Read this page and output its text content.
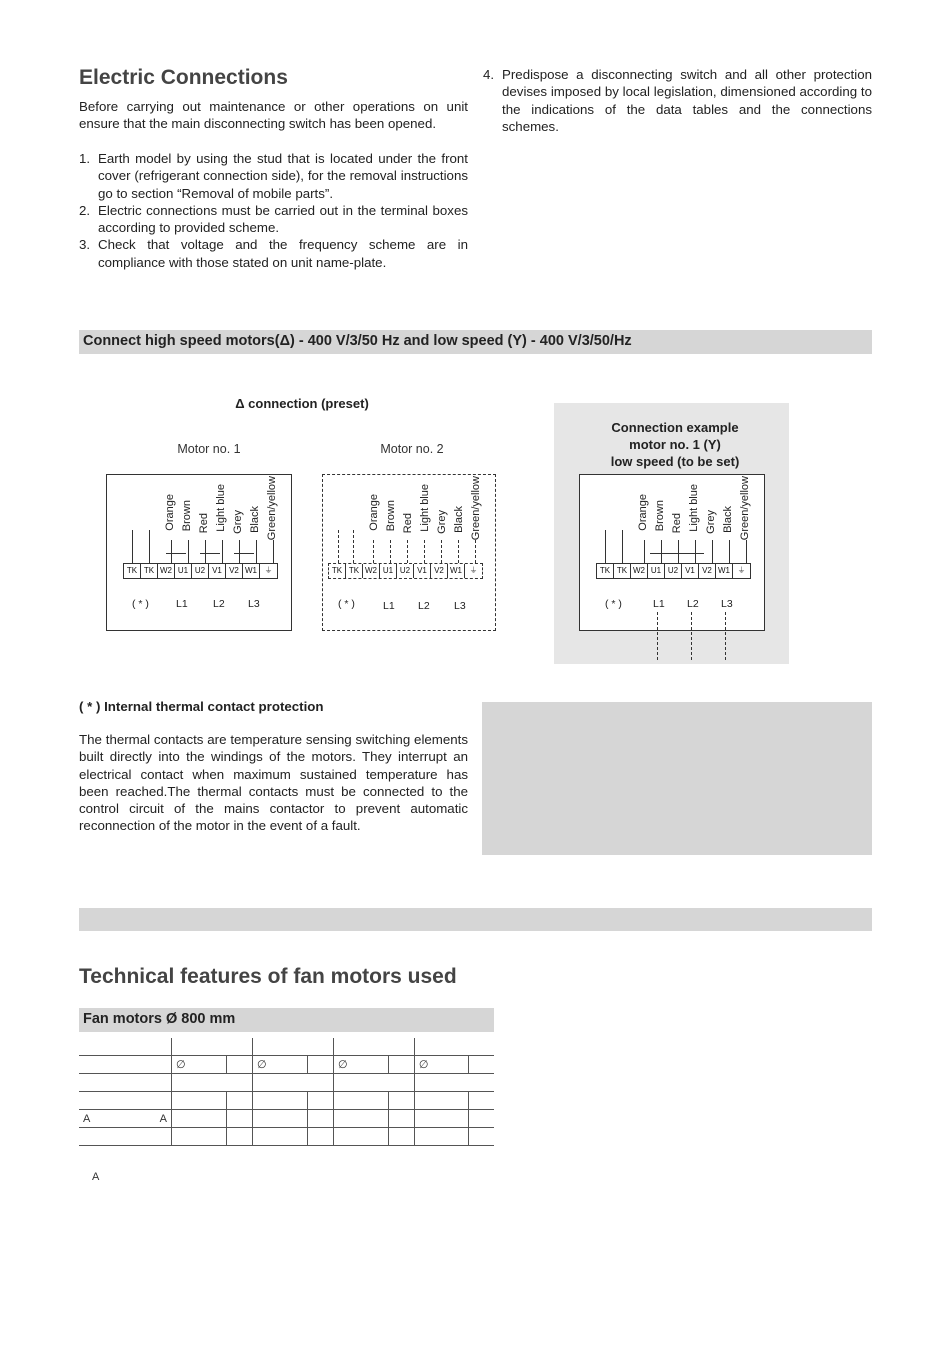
Electric Connections

Before carrying out maintenance or other operations on unit ensure that the main disconnecting switch has been opened.

1. Earth model by using the stud that is located under the front cover (refrigerant connection side), for the removal instructions go to section “Removal of mobile parts”.
2. Electric connections must be carried out in the terminal boxes according to provided scheme.
3. Check that voltage and the frequency scheme are in compliance with those stated on unit name-plate.
4. Predispose a disconnecting switch and all other protection devises imposed by local legislation, dimensioned according to the indications of the data tables and the connections schemes.
Connect high speed motors(Δ) - 400 V/3/50 Hz and low speed (Y) - 400 V/3/50/Hz
Δ connection (preset)
Motor no. 1	Motor no. 2
Connection example
motor no. 1 (Y)
low speed (to be set)
Orange Brown Red Light blue Grey Black Green/yellow
TK TK W2 U1 U2 V1 V2 W1 ⏚
( * )	L1 L2 L3
Orange Brown Red Light blue Grey Black Green/yellow
TK TK W2 U1 U2 V1 V2 W1 ⏚
( * )	L1 L2 L3
Orange Brown Red Light blue Grey Black Green/yellow
TK TK W2 U1 U2 V1 V2 W1 ⏚
( * )	L1 L2 L3
( * ) Internal thermal contact protection

The thermal contacts are temperature sensing switching elements built directly into the windings of the motors. They interrupt an electrical contact when maximum sustained temperature has been reached.The thermal contacts must be connected to the control circuit of the mains contactor to prevent automatic reconnection of the motor in the event of a fault.

Technical features of fan motors used
Fan motors Ø 800 mm

	∅		∅		∅		∅	

A A								

A
